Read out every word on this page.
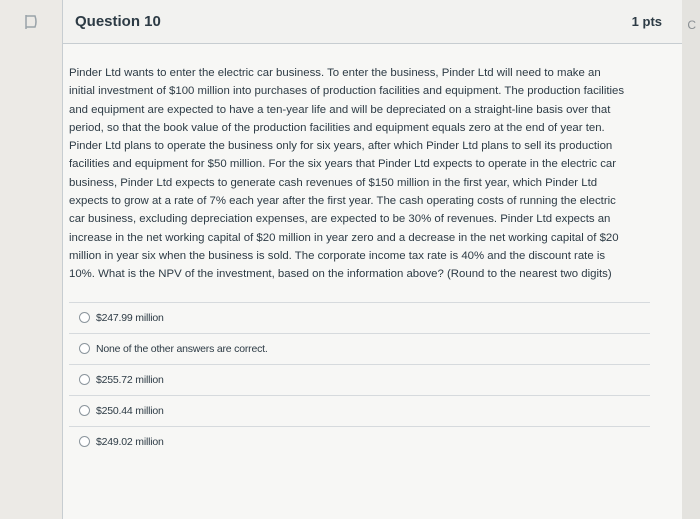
Question 10	1 pts

Pinder Ltd wants to enter the electric car business. To enter the business, Pinder Ltd will need to make an initial investment of $100 million into purchases of production facilities and equipment. The production facilities and equipment are expected to have a ten-year life and will be depreciated on a straight-line basis over that period, so that the book value of the production facilities and equipment equals zero at the end of year ten. Pinder Ltd plans to operate the business only for six years, after which Pinder Ltd plans to sell its production facilities and equipment for $50 million. For the six years that Pinder Ltd expects to operate in the electric car business, Pinder Ltd expects to generate cash revenues of $150 million in the first year, which Pinder Ltd expects to grow at a rate of 7% each year after the first year. The cash operating costs of running the electric car business, excluding depreciation expenses, are expected to be 30% of revenues. Pinder Ltd expects an increase in the net working capital of $20 million in year zero and a decrease in the net working capital of $20 million in year six when the business is sold. The corporate income tax rate is 40% and the discount rate is 10%. What is the NPV of the investment, based on the information above? (Round to the nearest two digits)

$247.99 million
None of the other answers are correct.
$255.72 million
$250.44 million
$249.02 million
C
